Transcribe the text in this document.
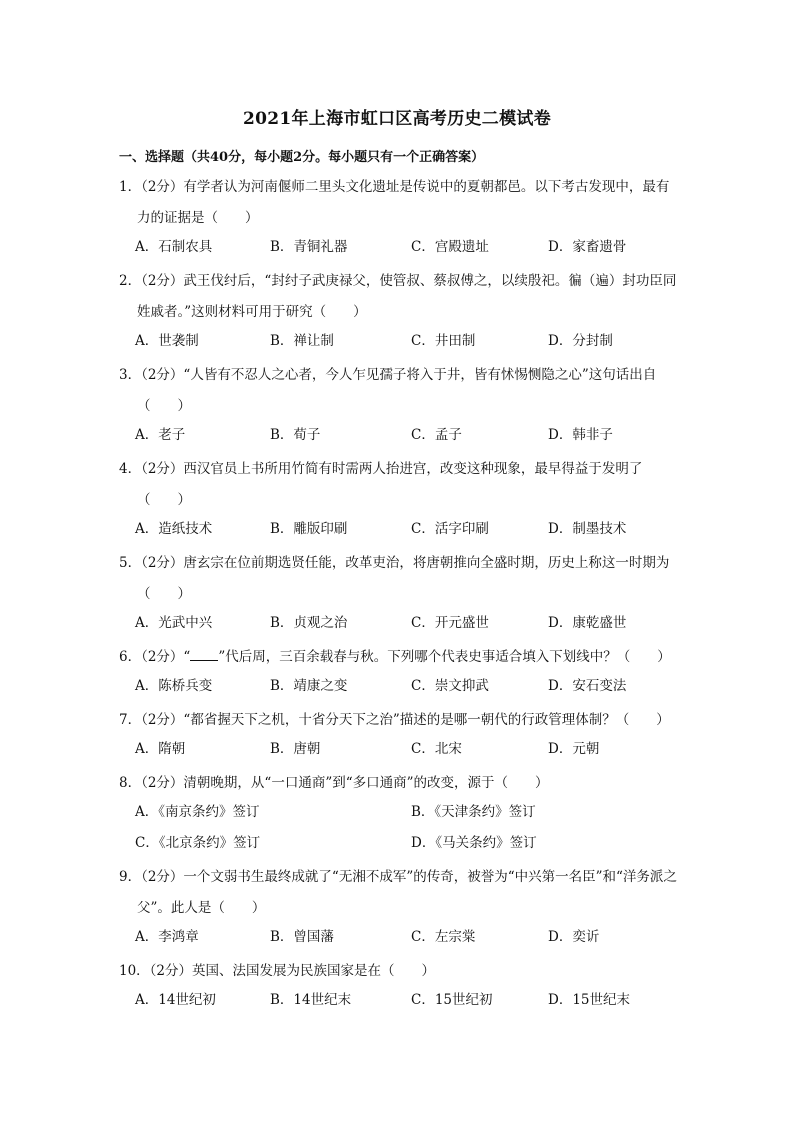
2021年上海市虹口区高考历史二模试卷
一、选择题（共40分，每小题2分。每小题只有一个正确答案）
1．（2分）有学者认为河南偃师二里头文化遗址是传说中的夏朝都邑。以下考古发现中，最有力的证据是（　　）
A．石制农具	B．青铜礼器	C．宫殿遗址	D．家畜遗骨
2．（2分）武王伐纣后，“封纣子武庚禄父，使管叔、蔡叔傅之，以续殷祀。徧（遍）封功臣同姓戚者。”这则材料可用于研究（　　）
A．世袭制	B．禅让制	C．井田制	D．分封制
3．（2分）“人皆有不忍人之心者，今人乍见孺子将入于井，皆有怵惕恻隐之心”这句话出自（　　）
A．老子	B．荀子	C．孟子	D．韩非子
4．（2分）西汉官员上书所用竹简有时需两人抬进宫，改变这种现象，最早得益于发明了（　　）
A．造纸技术	B．雕版印刷	C．活字印刷	D．制墨技术
5．（2分）唐玄宗在位前期选贤任能，改革吏治，将唐朝推向全盛时期，历史上称这一时期为（　　）
A．光武中兴	B．贞观之治	C．开元盛世	D．康乾盛世
6．（2分）“ ”代后周，三百余载春与秋。下列哪个代表史事适合填入下划线中？（　　）
A．陈桥兵变	B．靖康之变	C．崇文抑武	D．安石变法
7．（2分）“都省握天下之机，十省分天下之治”描述的是哪一朝代的行政管理体制？（　　）
A．隋朝	B．唐朝	C．北宋	D．元朝
8．（2分）清朝晚期，从“一口通商”到“多口通商”的改变，源于（　　）
A．《南京条约》签订	B．《天津条约》签订
C．《北京条约》签订	D．《马关条约》签订
9．（2分）一个文弱书生最终成就了“无湘不成军”的传奇，被誉为“中兴第一名臣”和“洋务派之父”。此人是（　　）
A．李鸿章	B．曾国藩	C．左宗棠	D．奕䜣
10．（2分）英国、法国发展为民族国家是在（　　）
A．14世纪初	B．14世纪末	C．15世纪初	D．15世纪末
